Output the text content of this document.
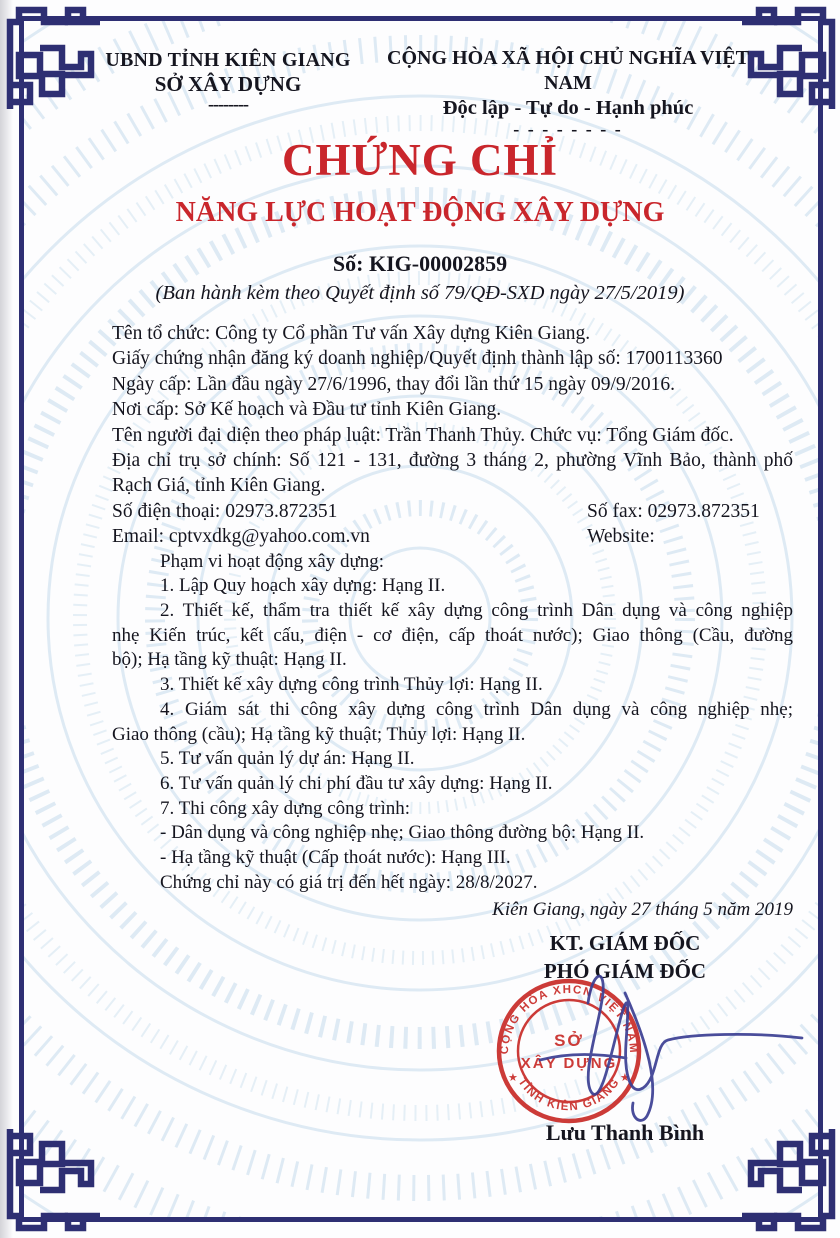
UBND TỈNH KIÊN GIANG
SỞ XÂY DỰNG
--------
CỘNG HÒA XÃ HỘI CHỦ NGHĨA VIỆT NAM
Độc lập - Tự do - Hạnh phúc
- - - - - - - -
CHỨNG CHỈ
NĂNG LỰC HOẠT ĐỘNG XÂY DỰNG
Số: KIG-00002859
(Ban hành kèm theo Quyết định số 79/QĐ-SXD ngày 27/5/2019)

Tên tổ chức: Công ty Cổ phần Tư vấn Xây dựng Kiên Giang.

Giấy chứng nhận đăng ký doanh nghiệp/Quyết định thành lập số: 1700113360

Ngày cấp: Lần đầu ngày 27/6/1996, thay đổi lần thứ 15 ngày 09/9/2016.

Nơi cấp: Sở Kế hoạch và Đầu tư tỉnh Kiên Giang.

Tên người đại diện theo pháp luật: Trần Thanh Thủy. Chức vụ: Tổng Giám đốc.

Địa chỉ trụ sở chính: Số 121 - 131, đường 3 tháng 2, phường Vĩnh Bảo, thành phố

Rạch Giá, tỉnh Kiên Giang.

Số điện thoại: 02973.872351	Số fax: 02973.872351

Email: cptvxdkg@yahoo.com.vn	Website:

Phạm vi hoạt động xây dựng:

1. Lập Quy hoạch xây dựng: Hạng II.

2. Thiết kế, thẩm tra thiết kế xây dựng công trình Dân dụng và công nghiệp

nhẹ Kiến trúc, kết cấu, điện - cơ điện, cấp thoát nước); Giao thông (Cầu, đường

bộ); Hạ tầng kỹ thuật: Hạng II.

3. Thiết kế xây dựng công trình Thủy lợi: Hạng II.

4. Giám sát thi công xây dựng công trình Dân dụng và công nghiệp nhẹ;

Giao thông (cầu); Hạ tầng kỹ thuật; Thủy lợi: Hạng II.

5. Tư vấn quản lý dự án: Hạng II.

6. Tư vấn quản lý chi phí đầu tư xây dựng: Hạng II.

7. Thi công xây dựng công trình:

- Dân dụng và công nghiệp nhẹ; Giao thông đường bộ: Hạng II.

- Hạ tầng kỹ thuật (Cấp thoát nước): Hạng III.

Chứng chỉ này có giá trị đến hết ngày: 28/8/2027.

Kiên Giang, ngày 27 tháng 5 năm 2019

KT. GIÁM ĐỐC
PHÓ GIÁM ĐỐC
CỘNG HÒA XHCN VIỆT NAM
TỈNH KIÊN GIANG
★	★
SỞ
XÂY DỰNG
Lưu Thanh Bình
